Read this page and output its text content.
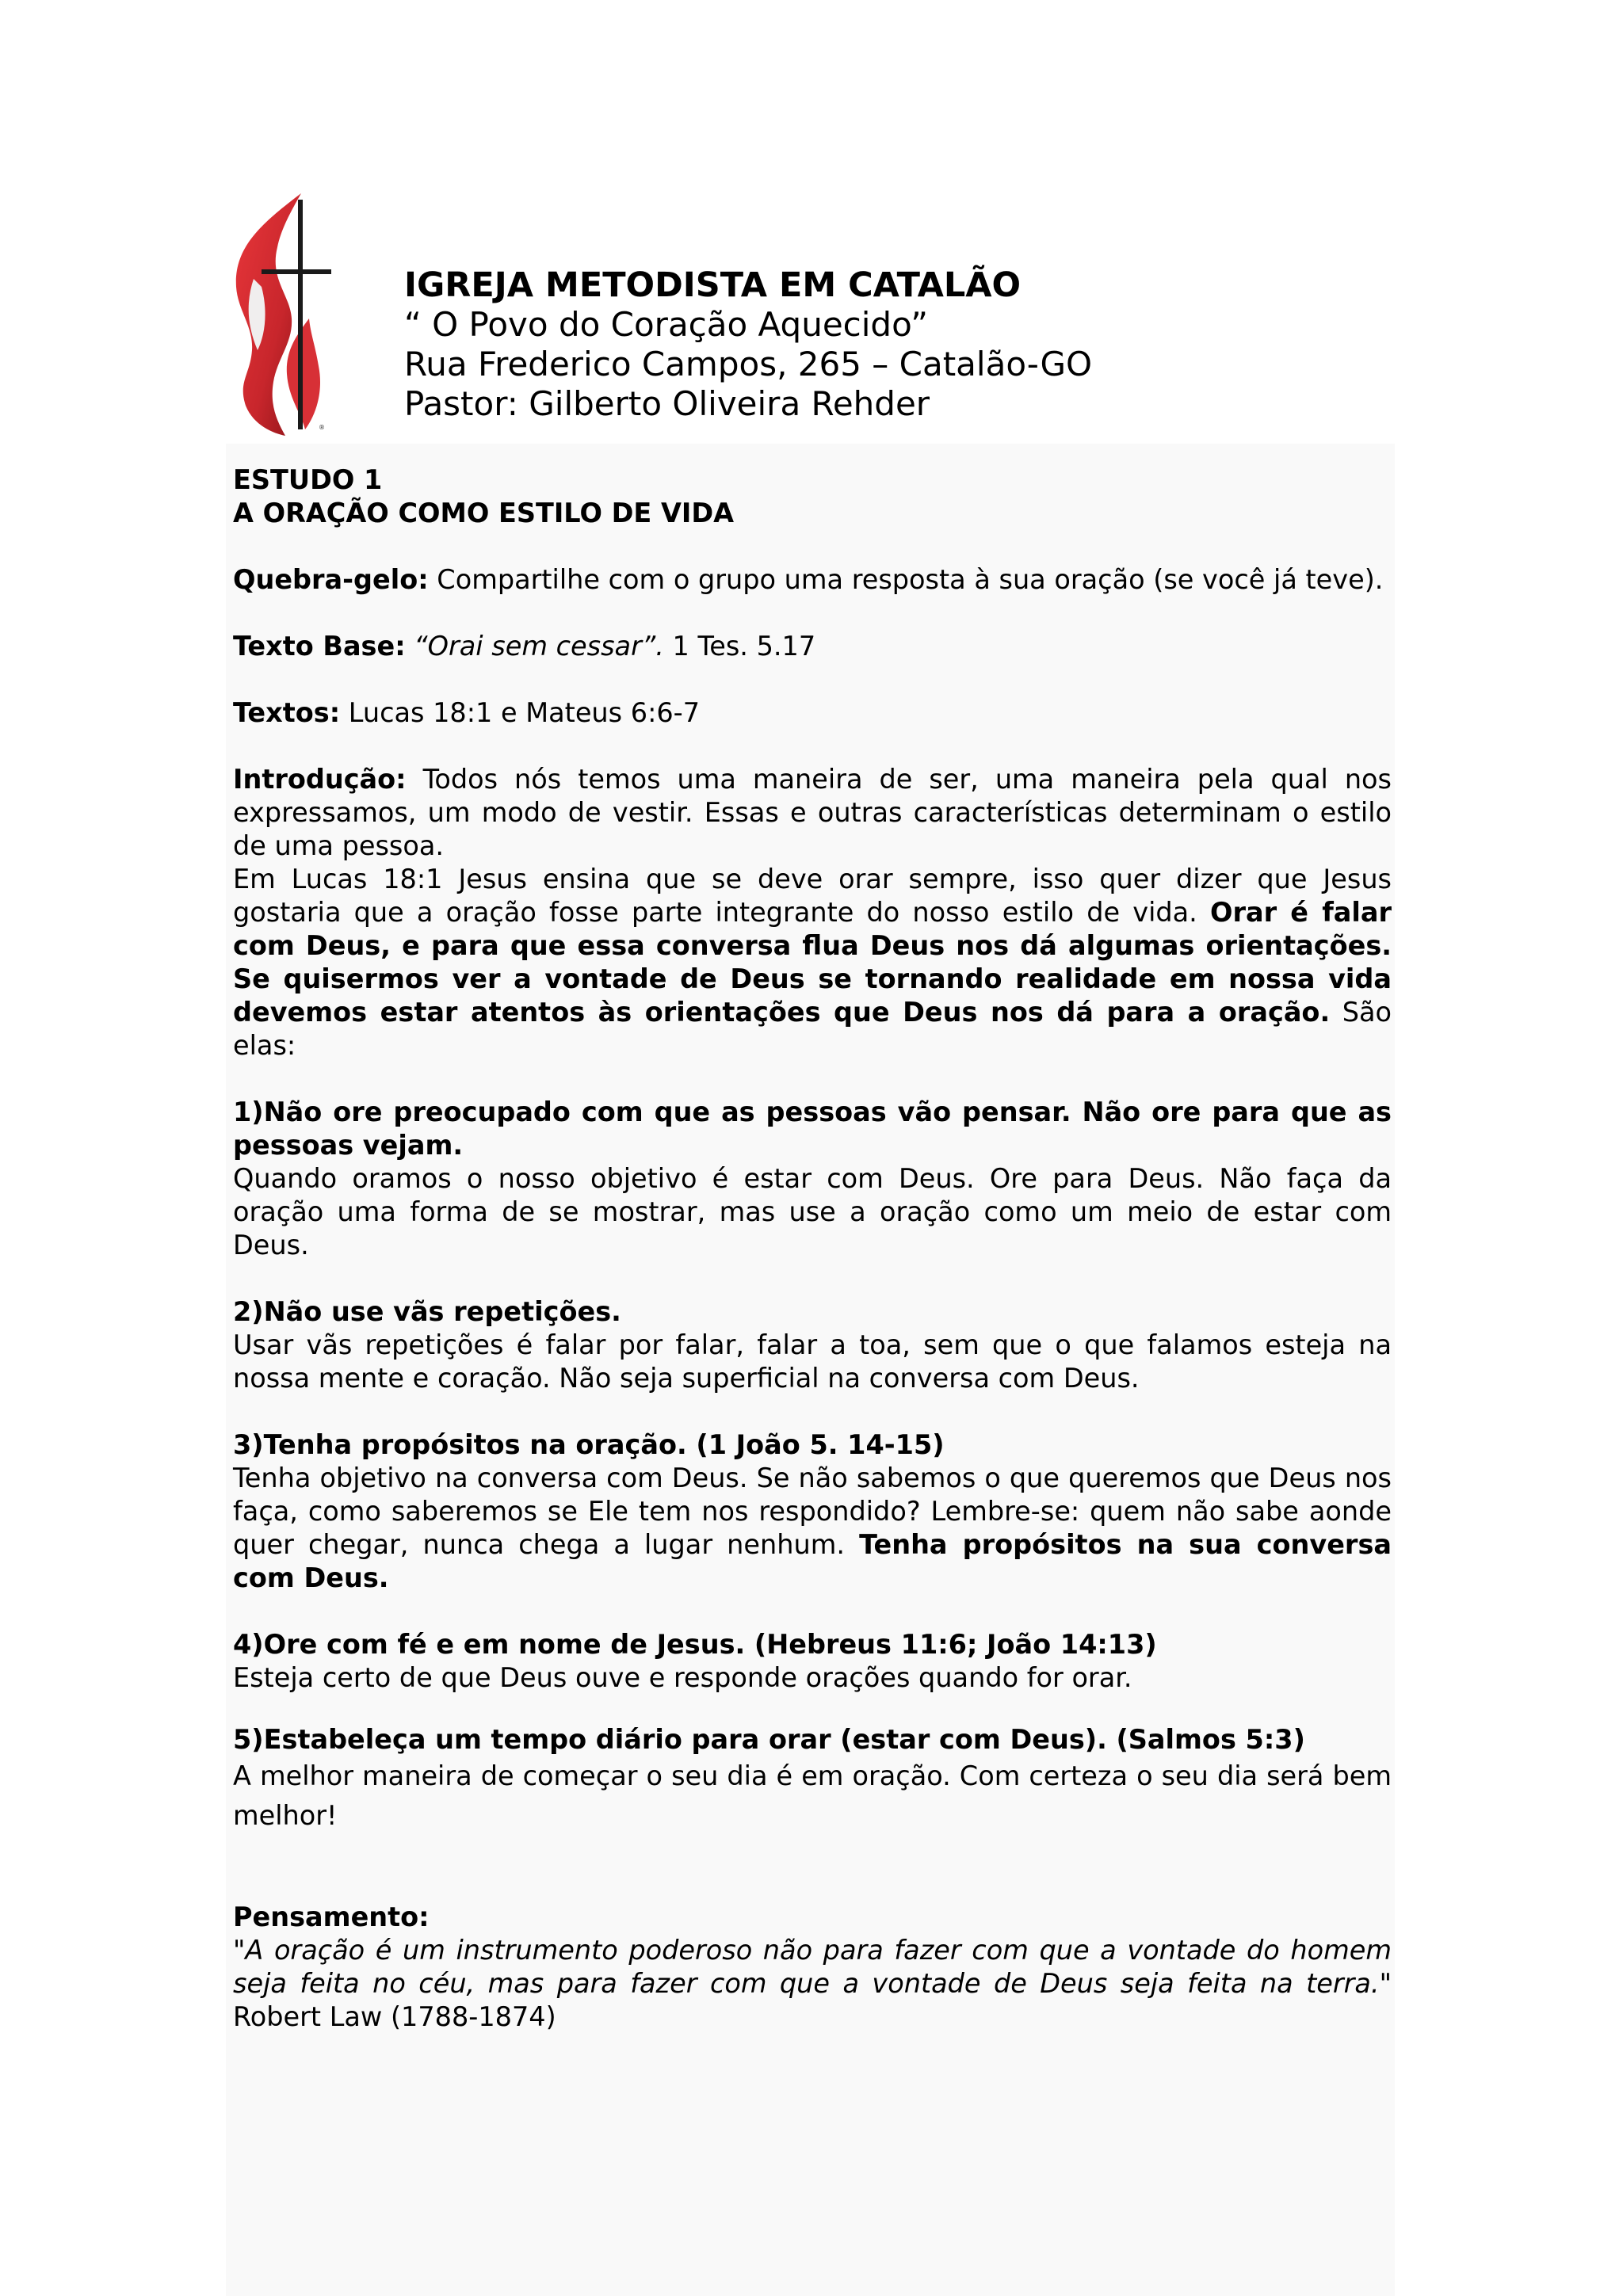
®
IGREJA METODISTA EM CATALÃO
“ O Povo do Coração Aquecido”
Rua Frederico Campos, 265 – Catalão-GO
Pastor: Gilberto Oliveira Rehder

ESTUDO 1

A ORAÇÃO COMO ESTILO DE VIDA

Quebra-gelo: Compartilhe com o grupo uma resposta à sua oração (se você já teve).

Texto Base: “Orai sem cessar”. 1 Tes. 5.17

Textos: Lucas 18:1 e Mateus 6:6-7

Introdução: Todos nós temos uma maneira de ser, uma maneira pela qual nos expressamos, um modo de vestir. Essas e outras características determinam o estilo de uma pessoa.

Em Lucas 18:1 Jesus ensina que se deve orar sempre, isso quer dizer que Jesus gostaria que a oração fosse parte integrante do nosso estilo de vida. Orar é falar com Deus, e para que essa conversa flua Deus nos dá algumas orientações. Se quisermos ver a vontade de Deus se tornando realidade em nossa vida devemos estar atentos às orientações que Deus nos dá para a oração. São elas:

1)Não ore preocupado com que as pessoas vão pensar. Não ore para que as pessoas vejam.

Quando oramos o nosso objetivo é estar com Deus. Ore para Deus. Não faça da oração uma forma de se mostrar, mas use a oração como um meio de estar com Deus.

2)Não use vãs repetições.

Usar vãs repetições é falar por falar, falar a toa, sem que o que falamos esteja na nossa mente e coração. Não seja superficial na conversa com Deus.

3)Tenha propósitos na oração. (1 João 5. 14-15)

Tenha objetivo na conversa com Deus. Se não sabemos o que queremos que Deus nos faça, como saberemos se Ele tem nos respondido? Lembre-se: quem não sabe aonde quer chegar, nunca chega a lugar nenhum. Tenha propósitos na sua conversa com Deus.

4)Ore com fé e em nome de Jesus. (Hebreus 11:6; João 14:13)

Esteja certo de que Deus ouve e responde orações quando for orar.

5)Estabeleça um tempo diário para orar (estar com Deus). (Salmos 5:3)

A melhor maneira de começar o seu dia é em oração. Com certeza o seu dia será bem melhor!

Pensamento:

"A oração é um instrumento poderoso não para fazer com que a vontade do homem seja feita no céu, mas para fazer com que a vontade de Deus seja feita na terra." Robert Law (1788-1874)
